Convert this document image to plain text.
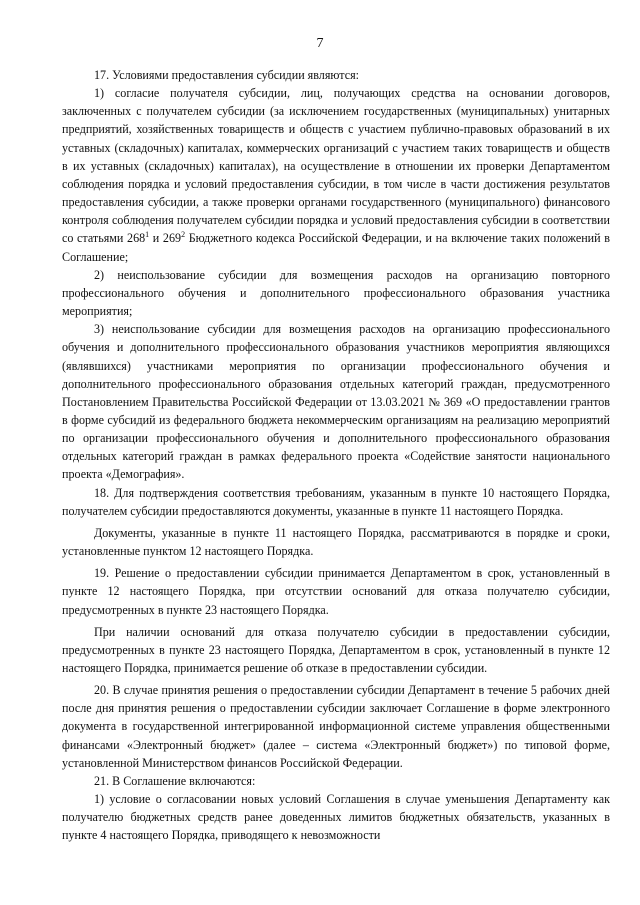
7

17. Условиями предоставления субсидии являются:

1) согласие получателя субсидии, лиц, получающих средства на основании договоров, заключенных с получателем субсидии (за исключением государственных (муниципальных) унитарных предприятий, хозяйственных товариществ и обществ с участием публично-правовых образований в их уставных (складочных) капиталах, коммерческих организаций с участием таких товариществ и обществ в их уставных (складочных) капиталах), на осуществление в отношении их проверки Департаментом соблюдения порядка и условий предоставления субсидии, в том числе в части достижения результатов предоставления субсидии, а также проверки органами государственного (муниципального) финансового контроля соблюдения получателем субсидии порядка и условий предоставления субсидии в соответствии со статьями $268^1$ и $269^2$ Бюджетного кодекса Российской Федерации, и на включение таких положений в Соглашение;

2) неиспользование субсидии для возмещения расходов на организацию повторного профессионального обучения и дополнительного профессионального образования участника мероприятия;

3) неиспользование субсидии для возмещения расходов на организацию профессионального обучения и дополнительного профессионального образования участников мероприятия являющихся (являвшихся) участниками мероприятия по организации профессионального обучения и дополнительного профессионального образования отдельных категорий граждан, предусмотренного Постановлением Правительства Российской Федерации от 13.03.2021 № 369 «О предоставлении грантов в форме субсидий из федерального бюджета некоммерческим организациям на реализацию мероприятий по организации профессионального обучения и дополнительного профессионального образования отдельных категорий граждан в рамках федерального проекта «Содействие занятости национального проекта «Демография».

18. Для подтверждения соответствия требованиям, указанным в пункте 10 настоящего Порядка, получателем субсидии предоставляются документы, указанные в пункте 11 настоящего Порядка.

Документы, указанные в пункте 11 настоящего Порядка, рассматриваются в порядке и сроки, установленные пунктом 12 настоящего Порядка.

19. Решение о предоставлении субсидии принимается Департаментом в срок, установленный в пункте 12 настоящего Порядка, при отсутствии оснований для отказа получателю субсидии, предусмотренных в пункте 23 настоящего Порядка.

При наличии оснований для отказа получателю субсидии в предоставлении субсидии, предусмотренных в пункте 23 настоящего Порядка, Департаментом в срок, установленный в пункте 12 настоящего Порядка, принимается решение об отказе в предоставлении субсидии.

20. В случае принятия решения о предоставлении субсидии Департамент в течение 5 рабочих дней после дня принятия решения о предоставлении субсидии заключает Соглашение в форме электронного документа в государственной интегрированной информационной системе управления общественными финансами «Электронный бюджет» (далее – система «Электронный бюджет») по типовой форме, установленной Министерством финансов Российской Федерации.

21. В Соглашение включаются:

1) условие о согласовании новых условий Соглашения в случае уменьшения Департаменту как получателю бюджетных средств ранее доведенных лимитов бюджетных обязательств, указанных в пункте 4 настоящего Порядка, приводящего к невозможности
